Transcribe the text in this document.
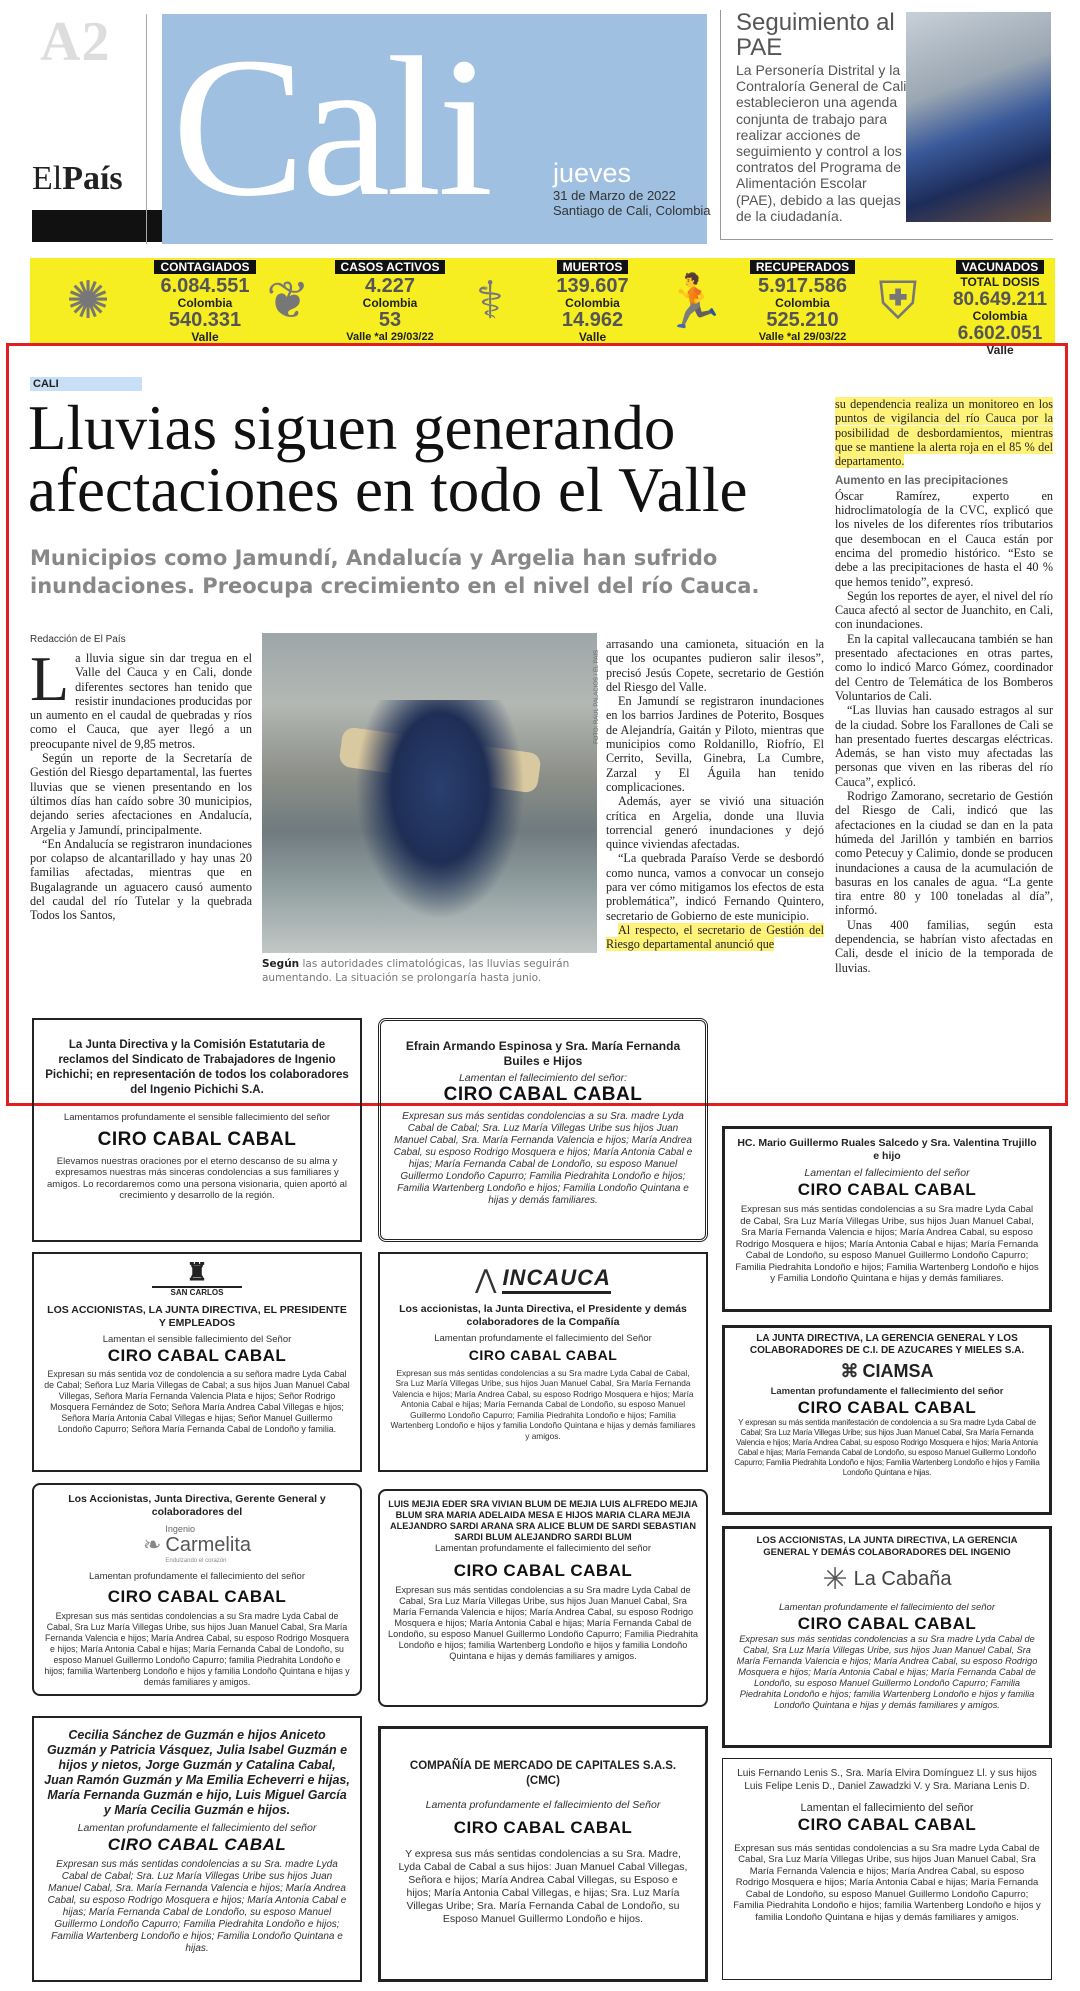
A2
ElPaís Cali jueves
31 de Marzo de 2022
Santiago de Cali, Colombia
Seguimiento al PAE
La Personería Distrital y la Contraloría General de Cali establecieron una agenda conjunta de trabajo para realizar acciones de seguimiento y control a los contratos del Programa de Alimentación Escolar (PAE), debido a las quejas de la ciudadanía.
✺
CONTAGIADOS
6.084.551
Colombia
540.331
Valle
❦
CASOS ACTIVOS
4.227
Colombia
53
Valle *al 29/03/22
⚕
MUERTOS
139.607
Colombia
14.962
Valle
🏃
RECUPERADOS
5.917.586
Colombia
525.210
Valle *al 29/03/22
⛨
VACUNADOS
TOTAL DOSIS
80.649.211
Colombia
6.602.051
Valle
CALI
Lluvias siguen generando afectaciones en todo el Valle
Municipios como Jamundí, Andalucía y Argelia han sufrido inundaciones. Preocupa crecimiento en el nivel del río Cauca.
Redacción de El País

La lluvia sigue sin dar tregua en el Valle del Cauca y en Cali, donde diferentes sectores han tenido que resistir inundaciones producidas por un aumento en el caudal de quebradas y ríos como el Cauca, que ayer llegó a un preocupante nivel de 9,85 metros.

Según un reporte de la Secretaría de Gestión del Riesgo departamental, las fuertes lluvias que se vienen presentando en los últimos días han caído sobre 30 municipios, dejando series afectaciones en Andalucía, Argelia y Jamundí, principalmente.

“En Andalucía se registraron inundaciones por colapso de alcantarillado y hay unas 20 familias afectadas, mientras que en Bugalagrande un aguacero causó aumento del caudal del río Tutelar y la quebrada Todos los Santos,

FOTO: RAÚL PALACIOS / EL PAÍS
Según las autoridades climatológicas, las lluvias seguirán aumentando. La situación se prolongaría hasta junio.

arrasando una camioneta, situación en la que los ocupantes pudieron salir ilesos”, precisó Jesús Copete, secretario de Gestión del Riesgo del Valle.

En Jamundí se registraron inundaciones en los barrios Jardines de Poterito, Bosques de Alejandría, Gaitán y Piloto, mientras que municipios como Roldanillo, Riofrío, El Cerrito, Sevilla, Ginebra, La Cumbre, Zarzal y El Águila han tenido complicaciones.

Además, ayer se vivió una situación crítica en Argelia, donde una lluvia torrencial generó inundaciones y dejó quince viviendas afectadas.

“La quebrada Paraíso Verde se desbordó como nunca, vamos a convocar un consejo para ver cómo mitigamos los efectos de esta problemática”, indicó Fernando Quintero, secretario de Gobierno de este municipio.

Al respecto, el secretario de Gestión del Riesgo departamental anunció que

su dependencia realiza un monitoreo en los puntos de vigilancia del río Cauca por la posibilidad de desbordamientos, mientras que se mantiene la alerta roja en el 85 % del departamento.

Aumento en las precipitaciones

Óscar Ramírez, experto en hidroclimatología de la CVC, explicó que los niveles de los diferentes ríos tributarios que desembocan en el Cauca están por encima del promedio histórico. “Esto se debe a las precipitaciones de hasta el 40 % que hemos tenido”, expresó.

Según los reportes de ayer, el nivel del río Cauca afectó al sector de Juanchito, en Cali, con inundaciones.

En la capital vallecaucana también se han presentado afectaciones en otras partes, como lo indicó Marco Gómez, coordinador del Centro de Telemática de los Bomberos Voluntarios de Cali.

“Las lluvias han causado estragos al sur de la ciudad. Sobre los Farallones de Cali se han presentado fuertes descargas eléctricas. Además, se han visto muy afectadas las personas que viven en las riberas del río Cauca”, explicó.

Rodrigo Zamorano, secretario de Gestión del Riesgo de Cali, indicó que las afectaciones en la ciudad se dan en la pata húmeda del Jarillón y también en barrios como Petecuy y Calimio, donde se producen inundaciones a causa de la acumulación de basuras en los canales de agua. “La gente tira entre 80 y 100 toneladas al día”, informó.

Unas 400 familias, según esta dependencia, se habrían visto afectadas en Cali, desde el inicio de la temporada de lluvias.

La Junta Directiva y la Comisión Estatutaria de reclamos del Sindicato de Trabajadores de Ingenio Pichichi; en representación de todos los colaboradores del Ingenio Pichichi S.A.
Lamentamos profundamente el sensible fallecimiento del señor
CIRO CABAL CABAL
Elevamos nuestras oraciones por el eterno descanso de su alma y expresamos nuestras más sinceras condolencias a sus familiares y amigos. Lo recordaremos como una persona visionaria, quien aportó al crecimiento y desarrollo de la región.
Efrain Armando Espinosa y Sra. María Fernanda Builes e Hijos
Lamentan el fallecimiento del señor:
CIRO CABAL CABAL
Expresan sus más sentidas condolencias a su Sra. madre Lyda Cabal de Cabal; Sra. Luz María Villegas Uribe sus hijos Juan Manuel Cabal, Sra. María Fernanda Valencia e hijos; María Andrea Cabal, su esposo Rodrigo Mosquera e hijos; María Antonia Cabal e hijas; María Fernanda Cabal de Londoño, su esposo Manuel Guillermo Londoño Capurro; Familia Piedrahita Londoño e hijos; Familia Wartenberg Londoño e hijos; Familia Londoño Quintana e hijas y demás familiares.
HC. Mario Guillermo Ruales Salcedo y Sra. Valentina Trujillo e hijo
Lamentan el fallecimiento del señor
CIRO CABAL CABAL
Expresan sus más sentidas condolencias a su Sra madre Lyda Cabal de Cabal, Sra Luz María Villegas Uribe, sus hijos Juan Manuel Cabal, Sra María Fernanda Valencia e hijos; María Andrea Cabal, su esposo Rodrigo Mosquera e hijos; María Antonia Cabal e hijas; María Fernanda Cabal de Londoño, su esposo Manuel Guillermo Londoño Capurro; Familia Piedrahita Londoño e hijos; Familia Wartenberg Londoño e hijos y Familia Londoño Quintana e hijas y demás familiares.
♜
SAN CARLOS
LOS ACCIONISTAS, LA JUNTA DIRECTIVA, EL PRESIDENTE Y EMPLEADOS
Lamentan el sensible fallecimiento del Señor
CIRO CABAL CABAL
Expresan su más sentida voz de condolencia a su señora madre Lyda Cabal de Cabal; Señora Luz María Villegas de Cabal; a sus hijos Juan Manuel Cabal Villegas, Señora María Fernanda Valencia Plata e hijos; Señor Rodrigo Mosquera Fernández de Soto; Señora María Andrea Cabal Villegas e hijos; Señora María Antonia Cabal Villegas e hijas; Señor Manuel Guillermo Londoño Capurro; Señora María Fernanda Cabal de Londoño y familia.
⋀ INCAUCA
Los accionistas, la Junta Directiva, el Presidente y demás colaboradores de la Compañía
Lamentan profundamente el fallecimiento del Señor
CIRO CABAL CABAL
Expresan sus más sentidas condolencias a su Sra madre Lyda Cabal de Cabal, Sra Luz María Villegas Uribe, sus hijos Juan Manuel Cabal, Sra María Fernanda Valencia e hijos; María Andrea Cabal, su esposo Rodrigo Mosquera e hijos; María Antonia Cabal e hijas; María Fernanda Cabal de Londoño, su esposo Manuel Guillermo Londoño Capurro; Familia Piedrahita Londoño e hijos; Familia Wartenberg Londoño e hijos y familia Londoño Quintana e hijas y demás familiares y amigos.
LA JUNTA DIRECTIVA, LA GERENCIA GENERAL Y LOS COLABORADORES DE C.I. DE AZUCARES Y MIELES S.A.
⌘ CIAMSA
Lamentan profundamente el fallecimiento del señor
CIRO CABAL CABAL
Y expresan su más sentida manifestación de condolencia a su Sra madre Lyda Cabal de Cabal; Sra Luz María Villegas Uribe; sus hijos Juan Manuel Cabal, Sra María Fernanda Valencia e hijos; María Andrea Cabal, su esposo Rodrigo Mosquera e hijos; María Antonia Cabal e hijas; María Fernanda Cabal de Londoño, su esposo Manuel Guillermo Londoño Capurro; Familia Piedrahita Londoño e hijos; Familia Wartenberg Londoño e hijos y Familia Londoño Quintana e hijas.
Los Accionistas, Junta Directiva, Gerente General y colaboradores del
❧
Ingenio
Carmelita
Endulzando el corazón
Lamentan profundamente el fallecimiento del señor
CIRO CABAL CABAL
Expresan sus más sentidas condolencias a su Sra madre Lyda Cabal de Cabal, Sra Luz María Villegas Uribe, sus hijos Juan Manuel Cabal, Sra María Fernanda Valencia e hijos; María Andrea Cabal, su esposo Rodrigo Mosquera e hijos; María Antonia Cabal e hijas; María Fernanda Cabal de Londoño, su esposo Manuel Guillermo Londoño Capurro; familia Piedrahita Londoño e hijos; familia Wartenberg Londoño e hijos y familia Londoño Quintana e hijas y demás familiares y amigos.
LUIS MEJIA EDER SRA VIVIAN BLUM DE MEJIA LUIS ALFREDO MEJIA BLUM SRA MARIA ADELAIDA MESA E HIJOS MARIA CLARA MEJIA ALEJANDRO SARDI ARANA SRA ALICE BLUM DE SARDI SEBASTIAN SARDI BLUM ALEJANDRO SARDI BLUM
Lamentan profundamente el fallecimiento del señor
CIRO CABAL CABAL
Expresan sus más sentidas condolencias a su Sra madre Lyda Cabal de Cabal, Sra Luz María Villegas Uribe, sus hijos Juan Manuel Cabal, Sra María Fernanda Valencia e hijos; María Andrea Cabal, su esposo Rodrigo Mosquera e hijos; María Antonia Cabal e hijas; María Fernanda Cabal de Londoño, su esposo Manuel Guillermo Londoño Capurro; Familia Piedrahita Londoño e hijos; familia Wartenberg Londoño e hijos y familia Londoño Quintana e hijas y demás familiares y amigos.
LOS ACCIONISTAS, LA JUNTA DIRECTIVA, LA GERENCIA GENERAL Y DEMÁS COLABORADORES DEL INGENIO
✳ La Cabaña
Lamentan profundamente el fallecimiento del señor
CIRO CABAL CABAL
Expresan sus más sentidas condolencias a su Sra madre Lyda Cabal de Cabal, Sra Luz María Villegas Uribe, sus hijos Juan Manuel Cabal, Sra María Fernanda Valencia e hijos; María Andrea Cabal, su esposo Rodrigo Mosquera e hijos; María Antonia Cabal e hijas; María Fernanda Cabal de Londoño, su esposo Manuel Guillermo Londoño Capurro; Familia Piedrahita Londoño e hijos; familia Wartenberg Londoño e hijos y familia Londoño Quintana e hijas y demás familiares y amigos.
Cecilia Sánchez de Guzmán e hijos Aniceto Guzmán y Patricia Vásquez, Julia Isabel Guzmán e hijos y nietos, Jorge Guzmán y Catalina Cabal, Juan Ramón Guzmán y Ma Emilia Echeverri e hijas, María Fernanda Guzmán e hijo, Luis Miguel García y María Cecilia Guzmán e hijos.
Lamentan profundamente el fallecimiento del señor
CIRO CABAL CABAL
Expresan sus más sentidas condolencias a su Sra. madre Lyda Cabal de Cabal; Sra. Luz María Villegas Uribe sus hijos Juan Manuel Cabal, Sra. María Fernanda Valencia e hijos; María Andrea Cabal, su esposo Rodrigo Mosquera e hijos; María Antonia Cabal e hijas; María Fernanda Cabal de Londoño, su esposo Manuel Guillermo Londoño Capurro; Familia Piedrahita Londoño e hijos; Familia Wartenberg Londoño e hijos; Familia Londoño Quintana e hijas.
COMPAÑÍA DE MERCADO DE CAPITALES S.A.S. (CMC)
Lamenta profundamente el fallecimiento del Señor
CIRO CABAL CABAL
Y expresa sus más sentidas condolencias a su Sra. Madre, Lyda Cabal de Cabal a sus hijos: Juan Manuel Cabal Villegas, Señora e hijos; María Andrea Cabal Villegas, su Esposo e hijos; María Antonia Cabal Villegas, e hijas; Sra. Luz María Villegas Uribe; Sra. María Fernanda Cabal de Londoño, su Esposo Manuel Guillermo Londoño e hijos.
Luis Fernando Lenis S., Sra. María Elvira Domínguez Ll. y sus hijos Luis Felipe Lenis D., Daniel Zawadzki V. y Sra. Mariana Lenis D.
Lamentan el fallecimiento del señor
CIRO CABAL CABAL
Expresan sus más sentidas condolencias a su Sra madre Lyda Cabal de Cabal, Sra Luz María Villegas Uribe, sus hijos Juan Manuel Cabal, Sra María Fernanda Valencia e hijos; María Andrea Cabal, su esposo Rodrigo Mosquera e hijos; María Antonia Cabal e hijas; María Fernanda Cabal de Londoño, su esposo Manuel Guillermo Londoño Capurro; Familia Piedrahita Londoño e hijos; familia Wartenberg Londoño e hijos y familia Londoño Quintana e hijas y demás familiares y amigos.
